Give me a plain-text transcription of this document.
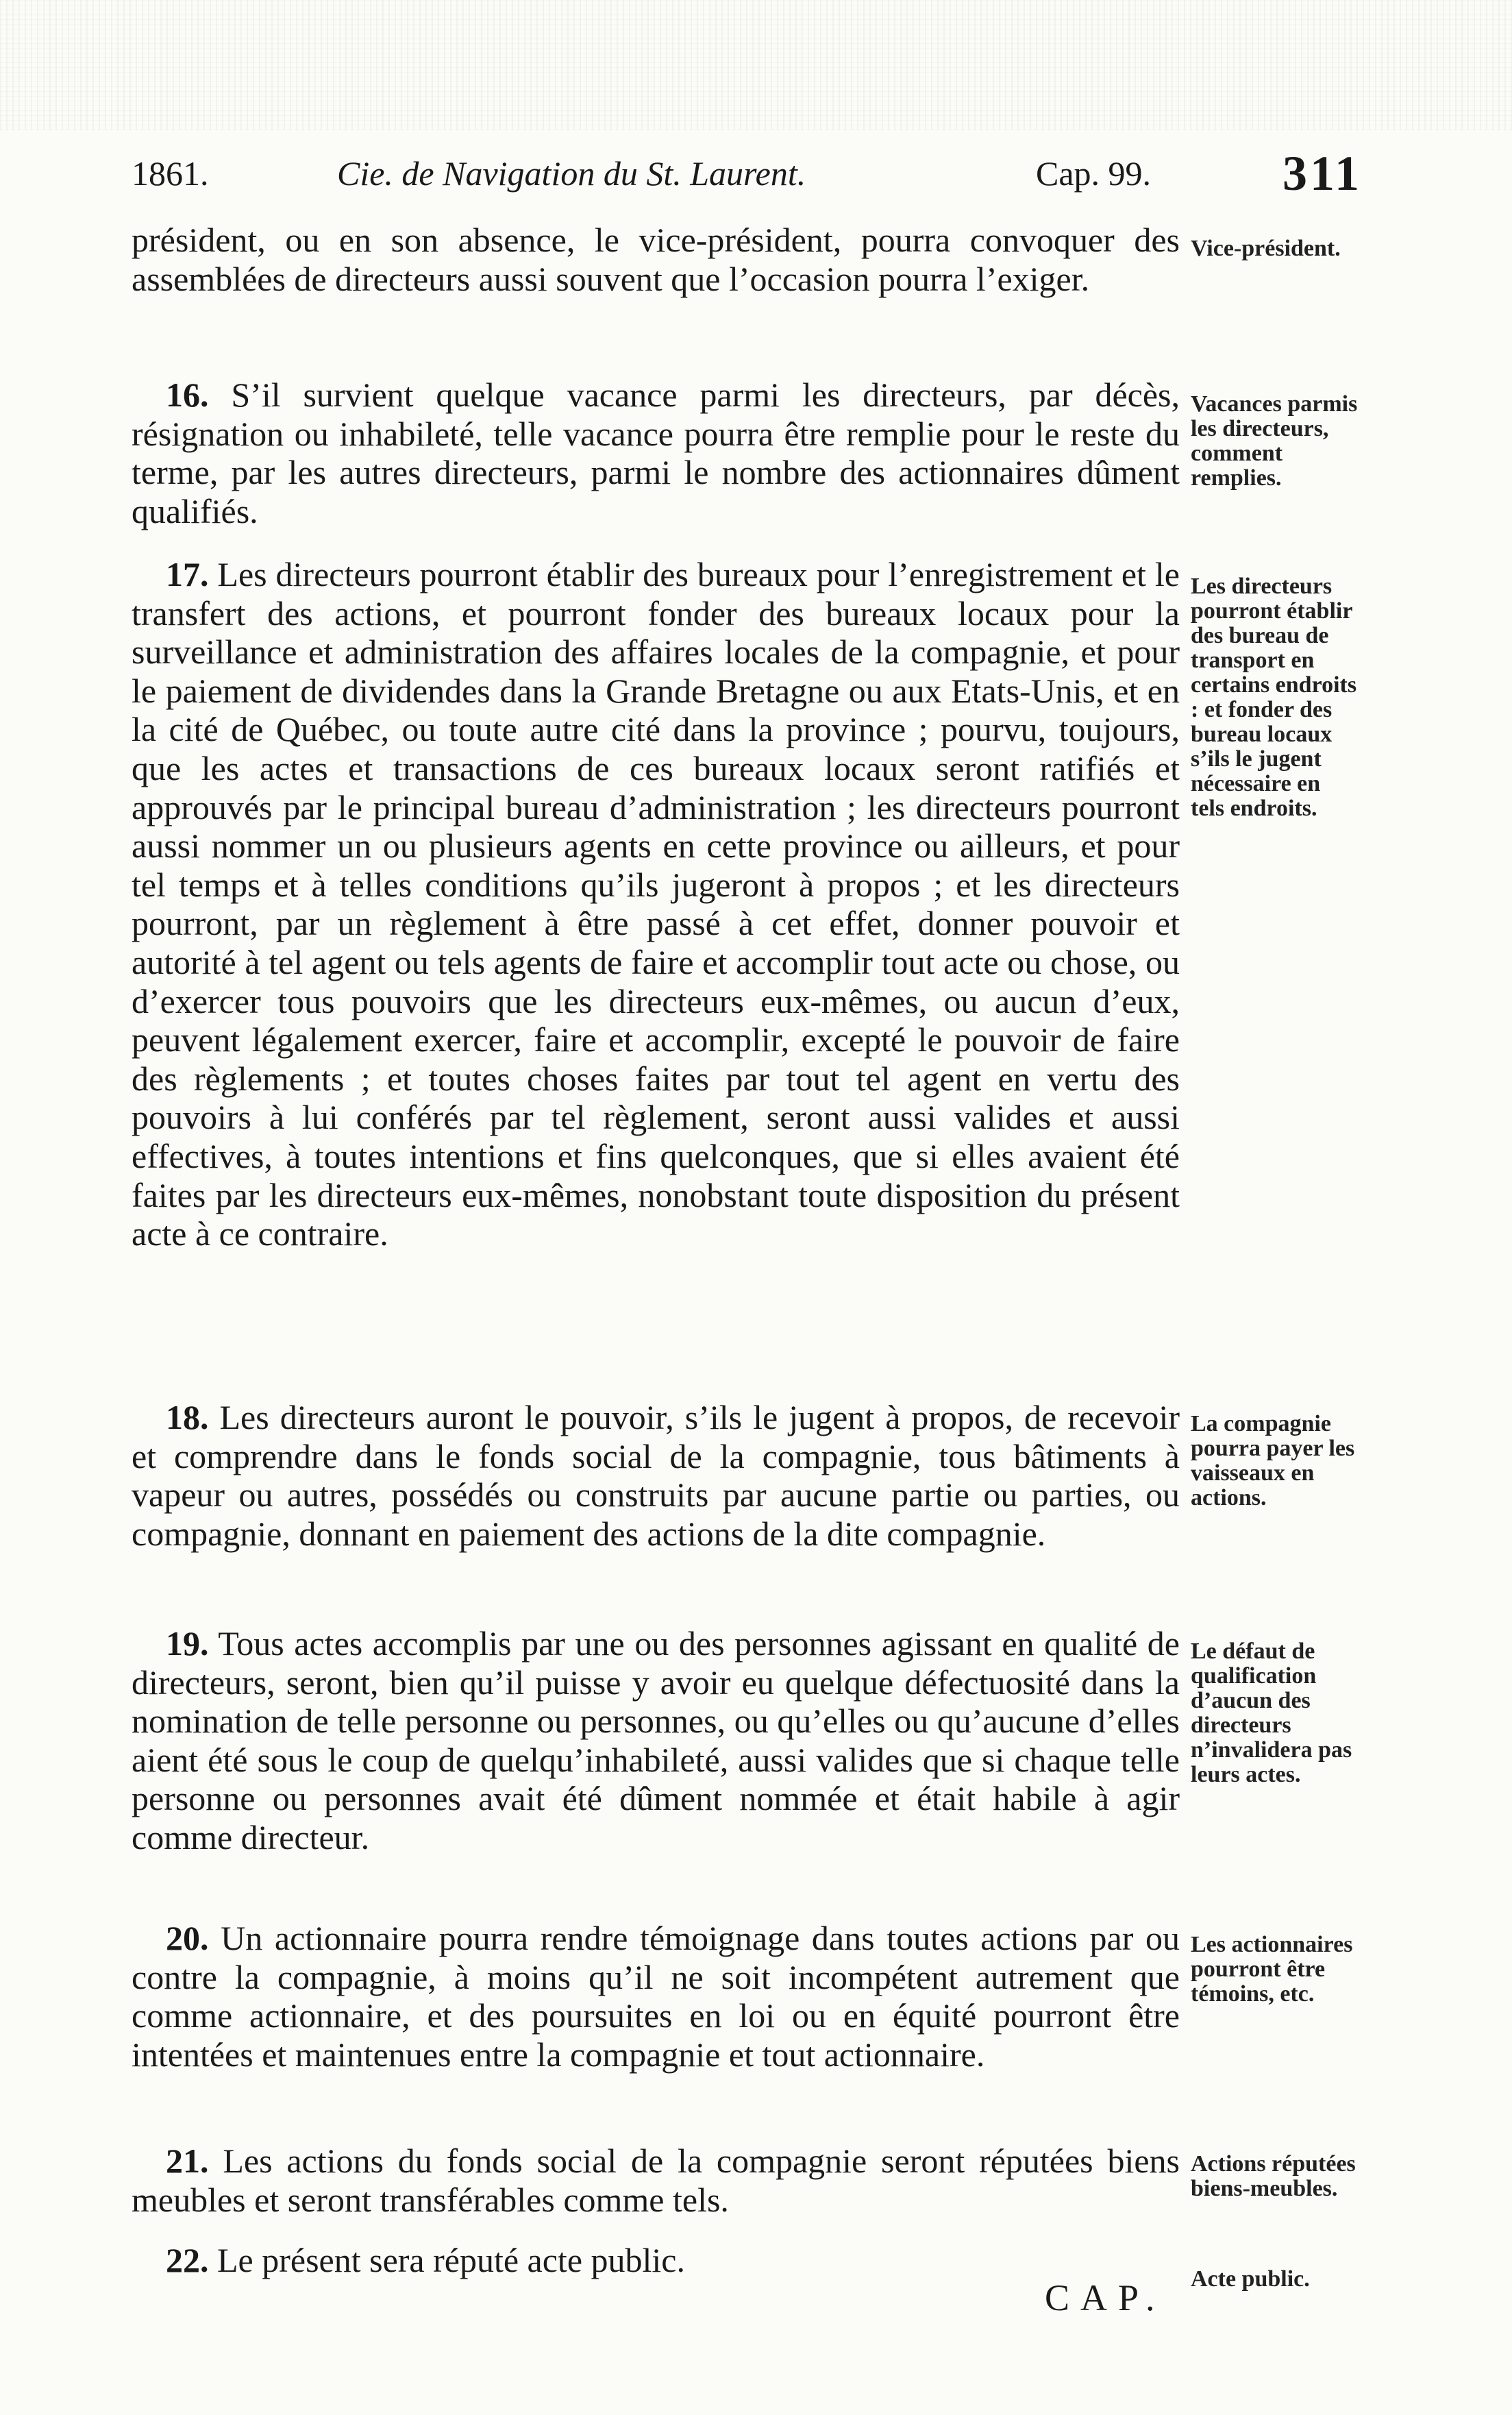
1861.	Cie. de Navigation du St. Laurent.	Cap. 99.	311
président, ou en son absence, le vice-président, pourra convoquer des assemblées de directeurs aussi souvent que l’occasion pourra l’exiger.
Vice-président.
16. S’il survient quelque vacance parmi les directeurs, par décès, résignation ou inhabileté, telle vacance pourra être remplie pour le reste du terme, par les autres directeurs, parmi le nombre des actionnaires dûment qualifiés.
Vacances parmis les directeurs, comment remplies.
17. Les directeurs pourront établir des bureaux pour l’enregistrement et le transfert des actions, et pourront fonder des bureaux locaux pour la surveillance et administration des affaires locales de la compagnie, et pour le paiement de dividendes dans la Grande Bretagne ou aux Etats-Unis, et en la cité de Québec, ou toute autre cité dans la province ; pourvu, toujours, que les actes et transactions de ces bureaux locaux seront ratifiés et approuvés par le principal bureau d’administration ; les directeurs pourront aussi nommer un ou plusieurs agents en cette province ou ailleurs, et pour tel temps et à telles conditions qu’ils jugeront à propos ; et les directeurs pourront, par un règlement à être passé à cet effet, donner pouvoir et autorité à tel agent ou tels agents de faire et accomplir tout acte ou chose, ou d’exercer tous pouvoirs que les directeurs eux-mêmes, ou aucun d’eux, peuvent légalement exercer, faire et accomplir, excepté le pouvoir de faire des règlements ; et toutes choses faites par tout tel agent en vertu des pouvoirs à lui conférés par tel règlement, seront aussi valides et aussi effectives, à toutes intentions et fins quelconques, que si elles avaient été faites par les directeurs eux-mêmes, nonobstant toute disposition du présent acte à ce contraire.
Les directeurs pourront établir des bureau de transport en certains endroits : et fonder des bureau locaux s’ils le jugent nécessaire en tels endroits.
18. Les directeurs auront le pouvoir, s’ils le jugent à propos, de recevoir et comprendre dans le fonds social de la compagnie, tous bâtiments à vapeur ou autres, possédés ou construits par aucune partie ou parties, ou compagnie, donnant en paiement des actions de la dite compagnie.
La compagnie pourra payer les vaisseaux en actions.
19. Tous actes accomplis par une ou des personnes agissant en qualité de directeurs, seront, bien qu’il puisse y avoir eu quelque défectuosité dans la nomination de telle personne ou personnes, ou qu’elles ou qu’aucune d’elles aient été sous le coup de quelqu’inhabileté, aussi valides que si chaque telle personne ou personnes avait été dûment nommée et était habile à agir comme directeur.
Le défaut de qualification d’aucun des directeurs n’invalidera pas leurs actes.
20. Un actionnaire pourra rendre témoignage dans toutes actions par ou contre la compagnie, à moins qu’il ne soit incompétent autrement que comme actionnaire, et des poursuites en loi ou en équité pourront être intentées et maintenues entre la compagnie et tout actionnaire.
Les actionnaires pourront être témoins, etc.
21. Les actions du fonds social de la compagnie seront réputées biens meubles et seront transférables comme tels.
Actions réputées biens-meubles.
22. Le présent sera réputé acte public.	Acte public.
CAP.
